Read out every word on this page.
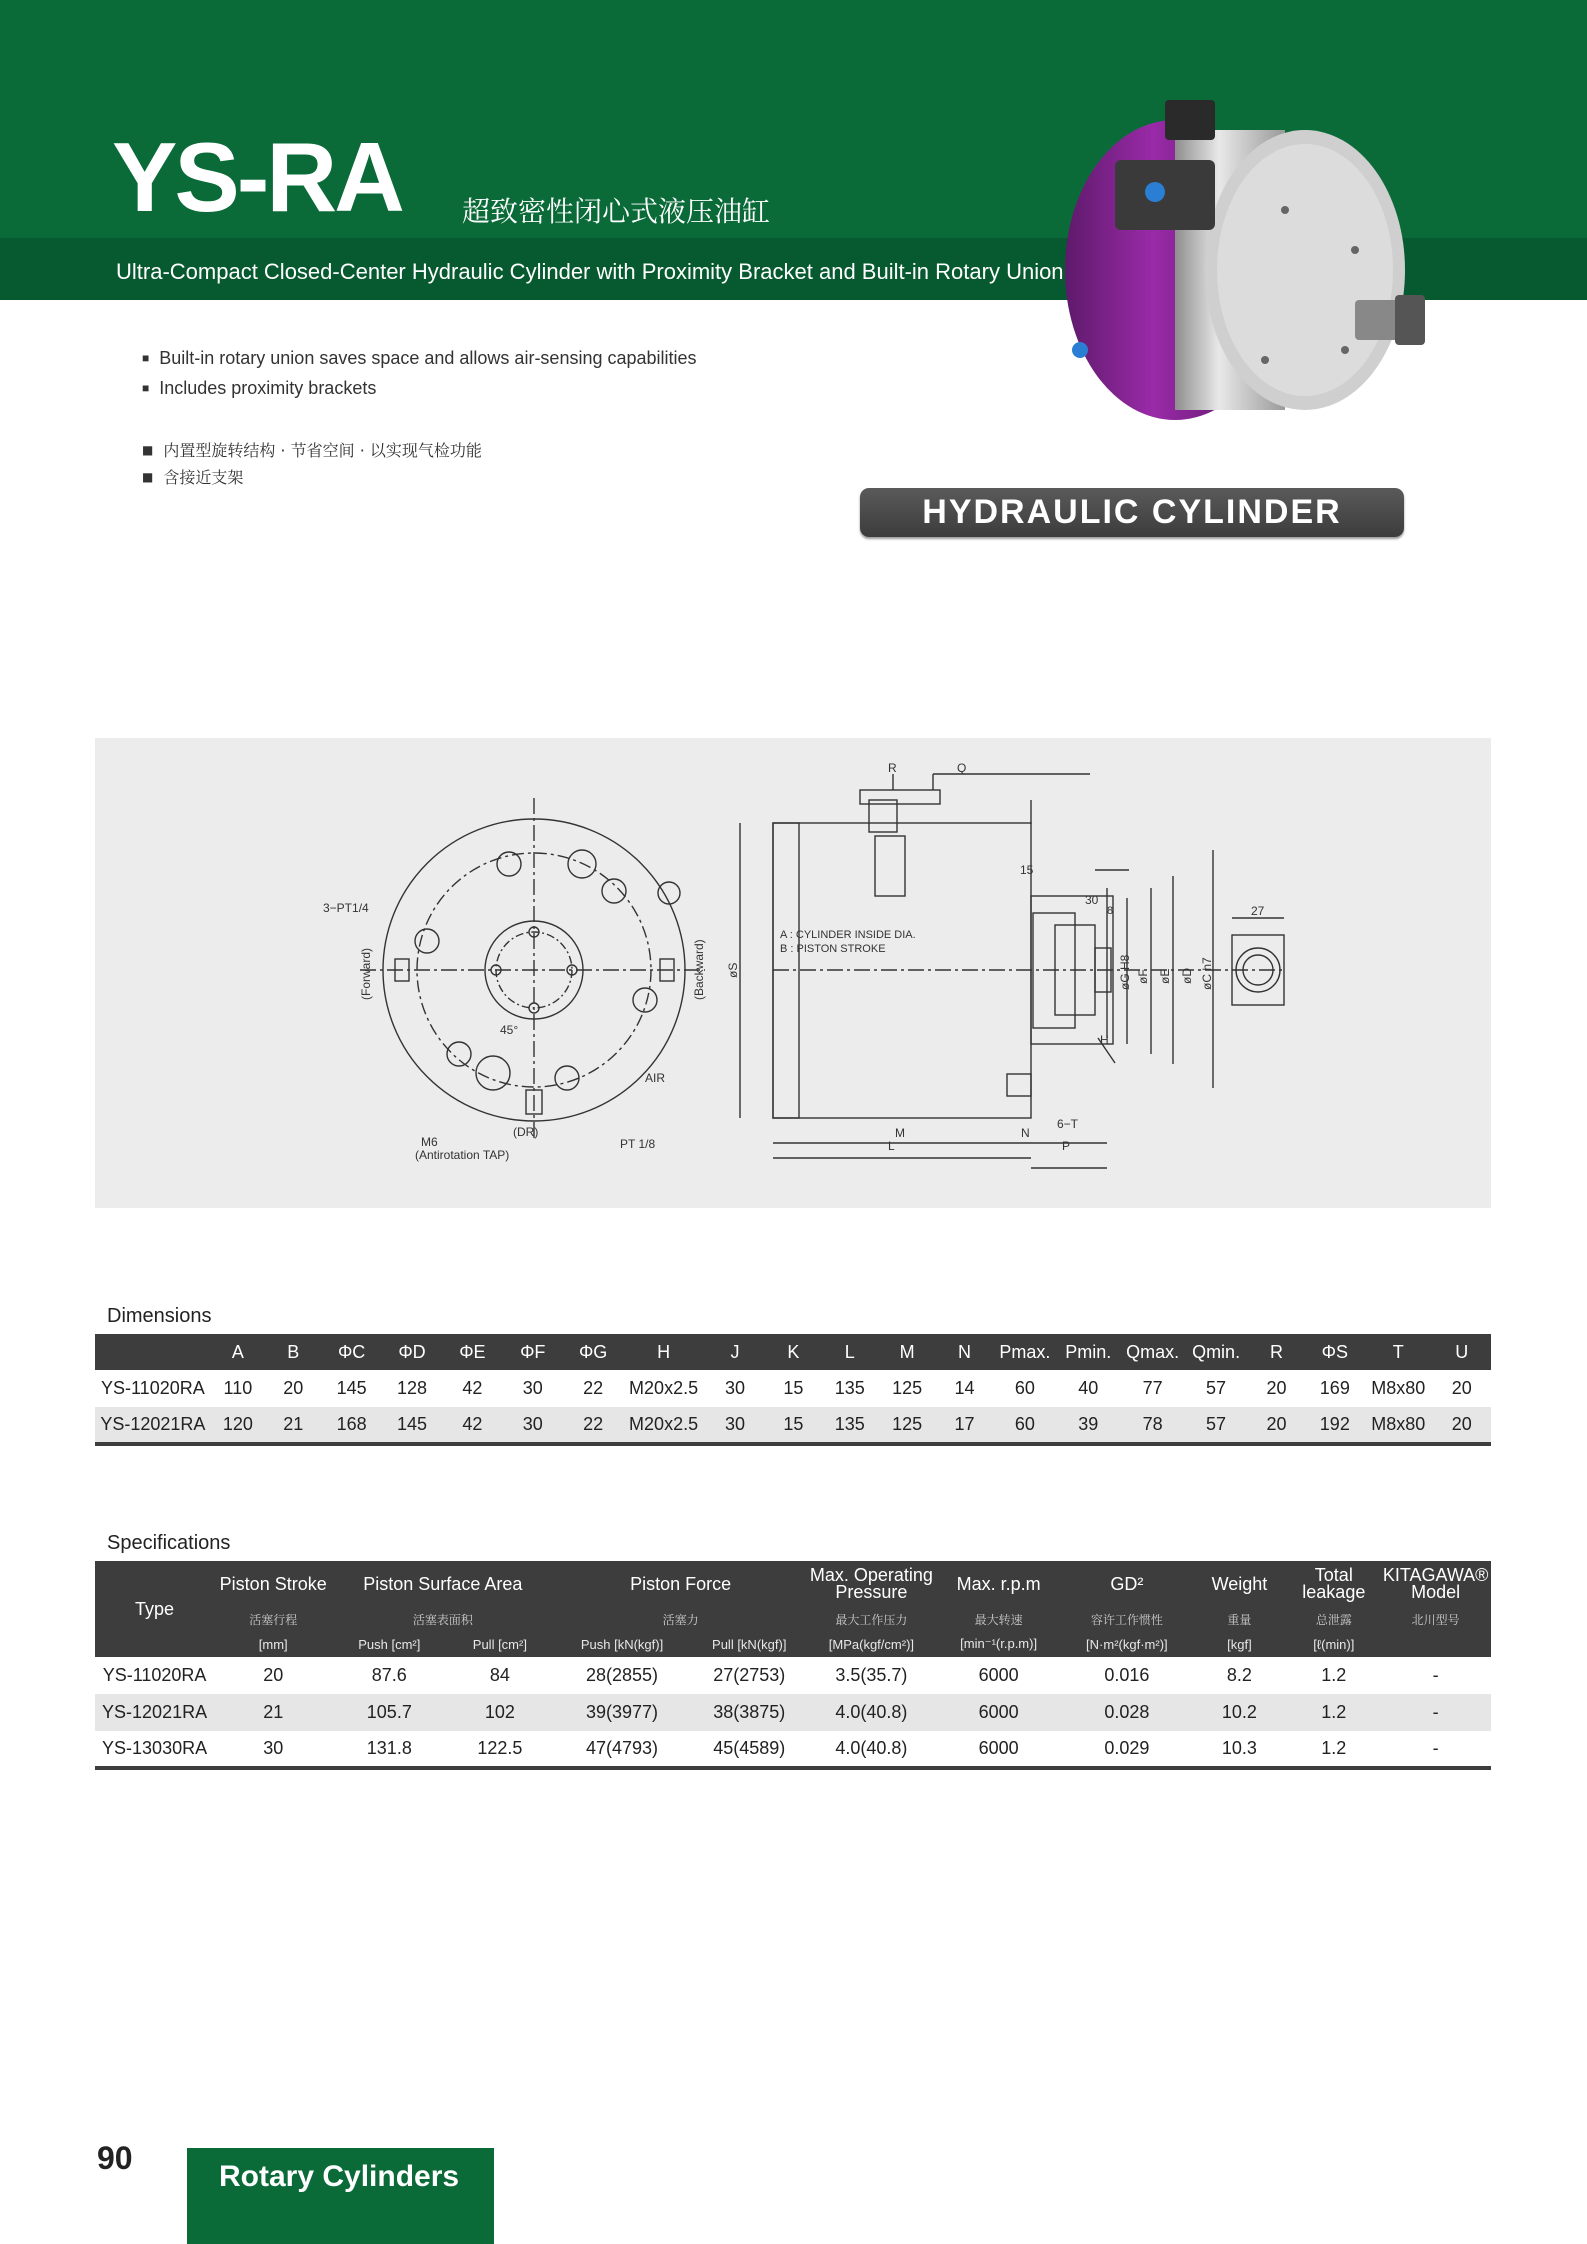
YS-RA 超致密性闭心式液压油缸
Ultra-Compact Closed-Center Hydraulic Cylinder with Proximity Bracket and Built-in Rotary Union
■ Built-in rotary union saves space and allows air-sensing capabilities
■ Includes proximity brackets
■ 内置型旋转结构 · 节省空间 · 以实现气检功能
■ 含接近支架
HYDRAULIC CYLINDER
3−PT1/4
(Forward)	(Backward)
AIR
(DR)
M6
(Antirotation TAP)
PT 1/8
45°
øS
A : CYLINDER INSIDE DIA.
B : PISTON STROKE
R	Q
15
30
8	27
øG H8 øF øE øD øC h7
H
6−T
M
L
N
P
Dimensions
	A	B	ΦC	ΦD	ΦE	ΦF	ΦG	H	J	K	L	M	N	Pmax.	Pmin.	Qmax.	Qmin.	R	ΦS	T	U
YS-11020RA	110	20	145	128	42	30	22	M20x2.5	30	15	135	125	14	60	40	77	57	20	169	M8x80	20
YS-12021RA	120	21	168	145	42	30	22	M20x2.5	30	15	135	125	17	60	39	78	57	20	192	M8x80	20
Specifications
Type	Piston Stroke	Piston Surface Area		Piston Force		Max. Operating
Pressure	Max. r.p.m	GD²	Weight	Total leakage	KITAGAWA®
Model
	活塞行程	活塞表面积		活塞力		最大工作压力	最大转速	容许工作惯性	重量	总泄露	北川型号
	[mm]	Push [cm²]	Pull [cm²]	Push [kN(kgf)]	Pull [kN(kgf)]	[MPa(kgf/cm²)]	[min⁻¹(r.p.m)]	[N·m²(kgf·m²)]	[kgf]	[ℓ(min)]	
YS-11020RA	20	87.6	84	28(2855)	27(2753)	3.5(35.7)	6000	0.016	8.2	1.2	-
YS-12021RA	21	105.7	102	39(3977)	38(3875)	4.0(40.8)	6000	0.028	10.2	1.2	-
YS-13030RA	30	131.8	122.5	47(4793)	45(4589)	4.0(40.8)	6000	0.029	10.3	1.2	-
90
Rotary Cylinders
